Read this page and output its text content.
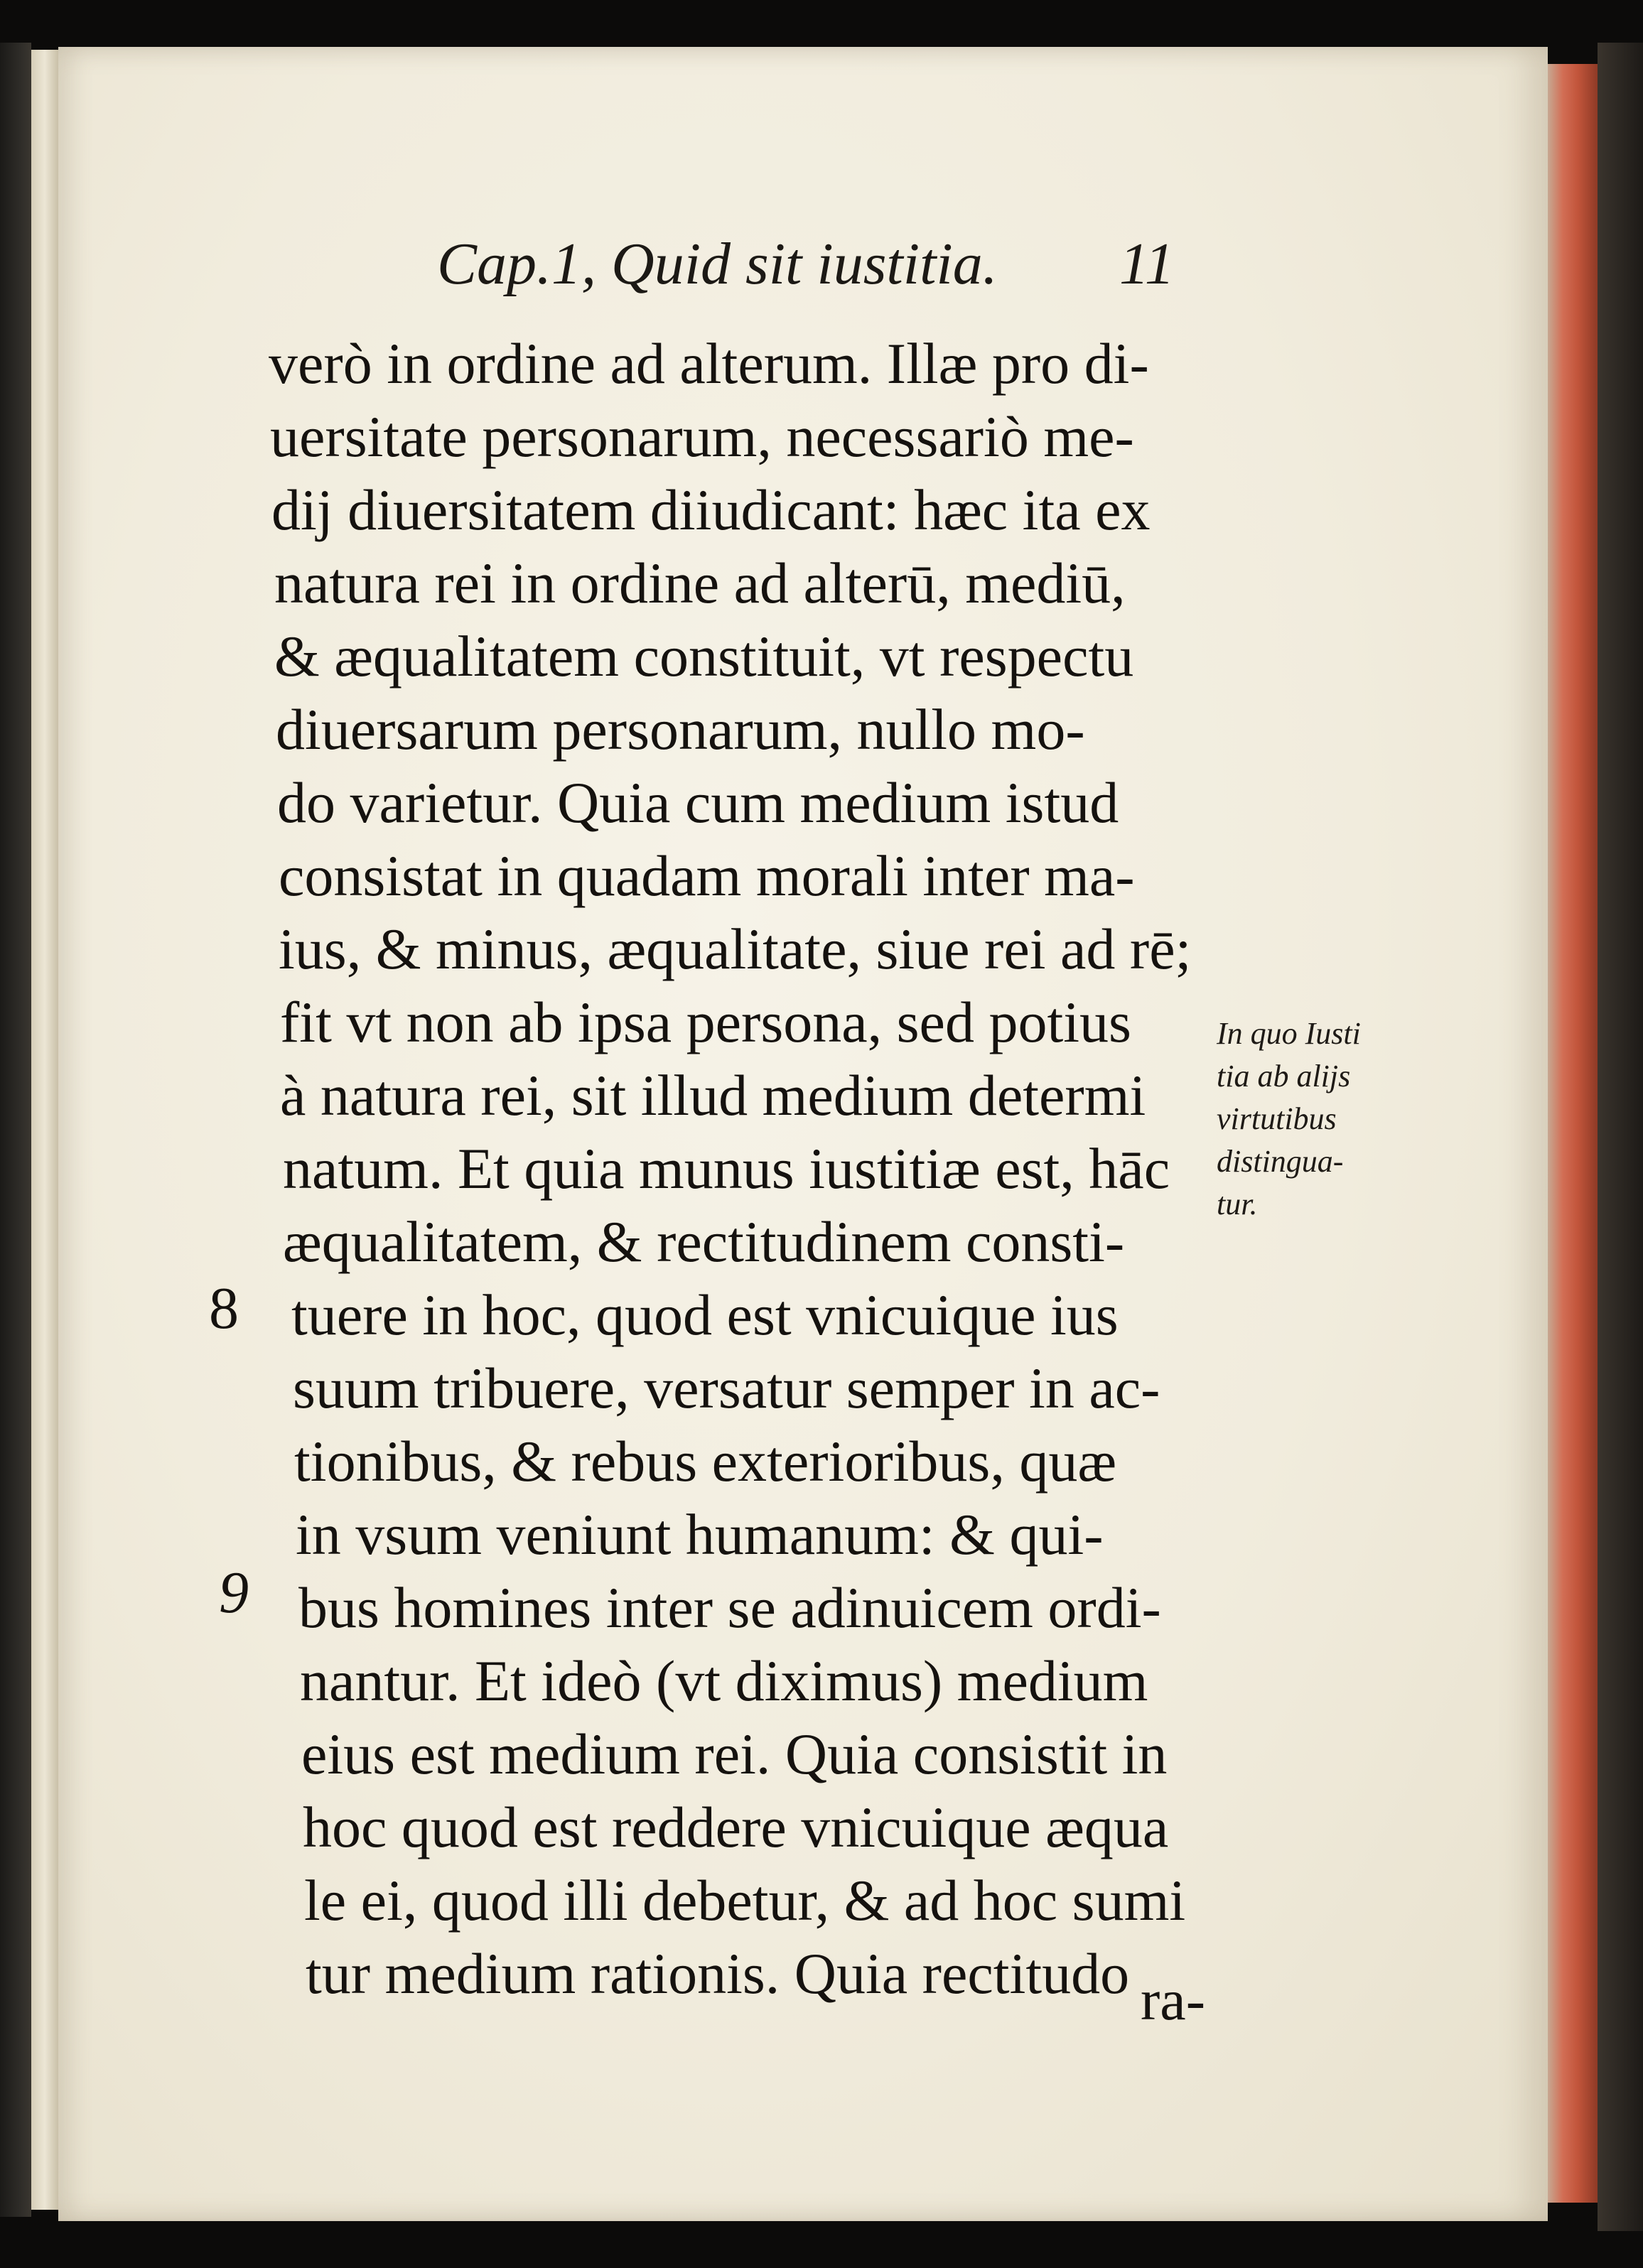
Cap.1, Quid sit iustitia. 11
verò in ordine ad alterum. Illæ pro di-
uersitate personarum, necessariò me-
dij diuersitatem diiudicant: hæc ita ex
natura rei in ordine ad alterū, mediū,
& æqualitatem constituit, vt respectu
diuersarum personarum, nullo mo-
do varietur. Quia cum medium istud
consistat in quadam morali inter ma-
ius, & minus, æqualitate, siue rei ad rē;
fit vt non ab ipsa persona, sed potius
à natura rei, sit illud medium determi
natum. Et quia munus iustitiæ est, hāc
æqualitatem, & rectitudinem consti-
tuere in hoc, quod est vnicuique ius
suum tribuere, versatur semper in ac-
tionibus, & rebus exterioribus, quæ
in vsum veniunt humanum: & qui-
bus homines inter se adinuicem ordi-
nantur. Et ideò (vt diximus) medium
eius est medium rei. Quia consistit in
hoc quod est reddere vnicuique æqua
le ei, quod illi debetur, & ad hoc sumi
tur medium rationis. Quia rectitudo ra-
8
9
In quo Iusti
tia ab alijs
virtutibus
distingua-
tur.
